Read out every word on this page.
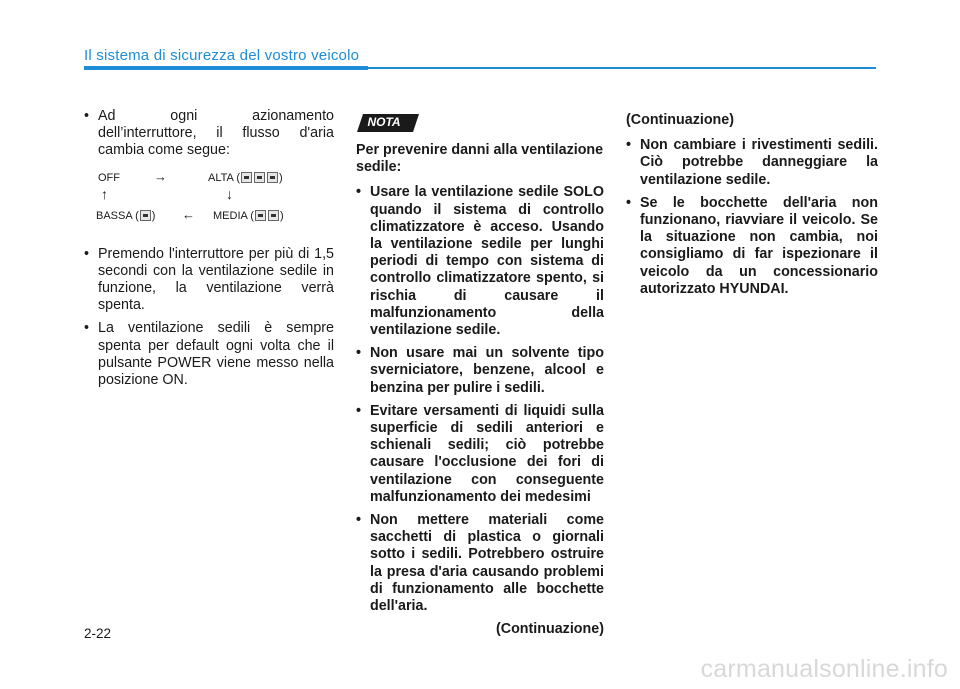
Il sistema di sicurezza del vostro veicolo
• Ad ogni azionamento dell’interruttore, il flusso d'aria cambia come segue:
OFF	→	ALTA (	)
↑	↓
BASSA ( ) ← MEDIA ( )
• Premendo l'interruttore per più di 1,5 secondi con la ventilazione sedile in funzione, la ventilazione verrà spenta.
• La ventilazione sedili è sempre spenta per default ogni volta che il pulsante POWER viene messo nella posizione ON.
NOTA
Per prevenire danni alla ventilazione sedile:
• Usare la ventilazione sedile SOLO quando il sistema di controllo climatizzatore è acceso. Usando la ventilazione sedile per lunghi periodi di tempo con sistema di controllo climatizzatore spento, si rischia di causare il malfunzionamento della ventilazione sedile.
• Non usare mai un solvente tipo sverniciatore, benzene, alcool e benzina per pulire i sedili.
• Evitare versamenti di liquidi sulla superficie di sedili anteriori e schienali sedili; ciò potrebbe causare l'occlusione dei fori di ventilazione con conseguente malfunzionamento dei medesimi
• Non mettere materiali come sacchetti di plastica o giornali sotto i sedili. Potrebbero ostruire la presa d'aria causando problemi di funzionamento alle bocchette dell'aria.
(Continuazione)
(Continuazione)
• Non cambiare i rivestimenti sedili. Ciò potrebbe danneggiare la ventilazione sedile.
• Se le bocchette dell'aria non funzionano, riavviare il veicolo. Se la situazione non cambia, noi consigliamo di far ispezionare il veicolo da un concessionario autorizzato HYUNDAI.
2-22
carmanualsonline.info
